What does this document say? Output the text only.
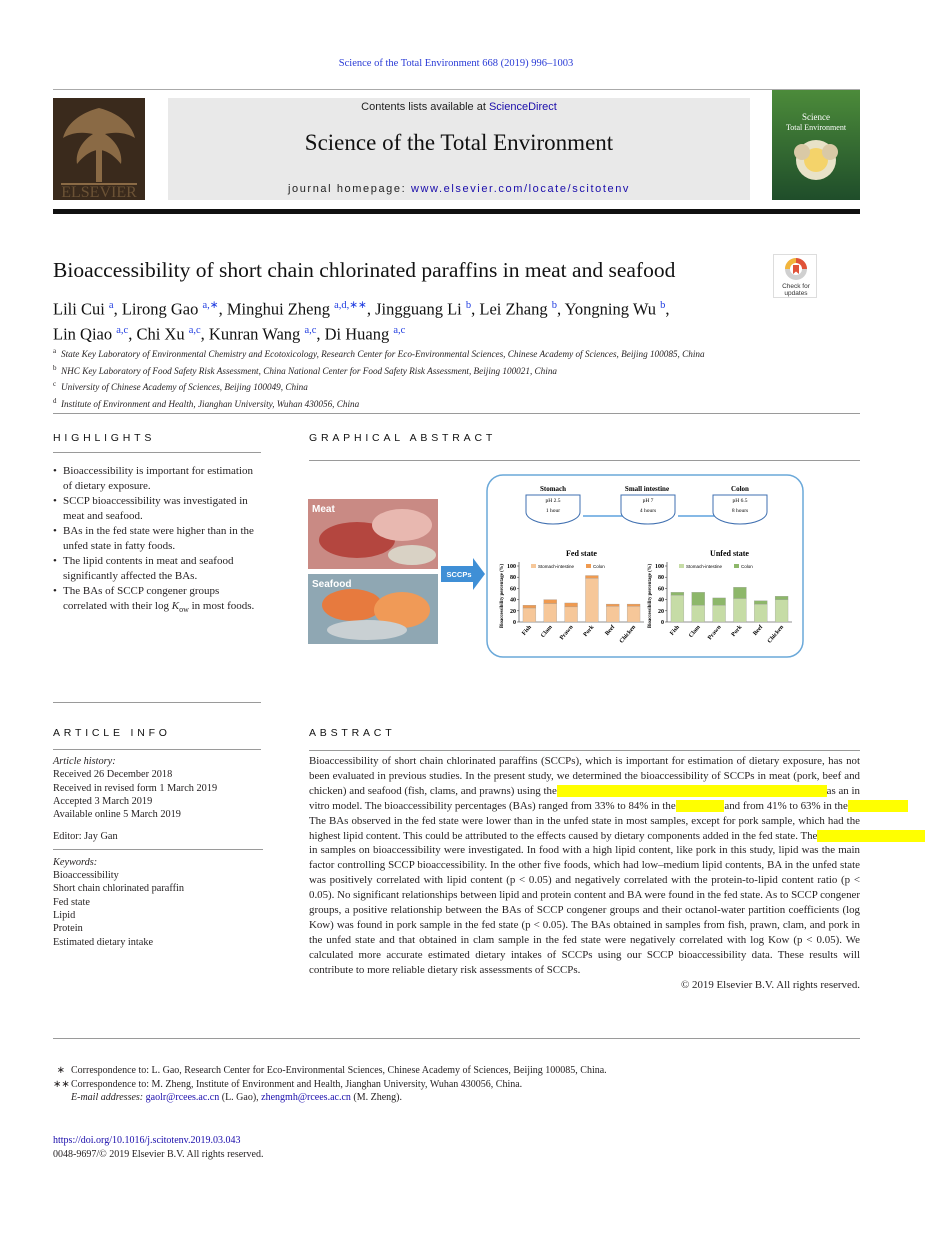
Science of the Total Environment 668 (2019) 996–1003
ELSEVIER
Contents lists available at ScienceDirect
Science of the Total Environment
journal homepage: www.elsevier.com/locate/scitotenv
Science
Total Environment
Bioaccessibility of short chain chlorinated paraffins in meat and seafood
Check for
updates
Lili Cui $^a$, Lirong Gao $^{a,∗}$, Minghui Zheng $^{a,d,∗∗}$, Jingguang Li $^b$, Lei Zhang $^b$, Yongning Wu $^b$,
Lin Qiao $^{a,c}$, Chi Xu $^{a,c}$, Kunran Wang $^{a,c}$, Di Huang $^{a,c}$
$^a$ State Key Laboratory of Environmental Chemistry and Ecotoxicology, Research Center for Eco-Environmental Sciences, Chinese Academy of Sciences, Beijing 100085, China
$^b$ NHC Key Laboratory of Food Safety Risk Assessment, China National Center for Food Safety Risk Assessment, Beijing 100021, China
$^c$ University of Chinese Academy of Sciences, Beijing 100049, China
$^d$ Institute of Environment and Health, Jianghan University, Wuhan 430056, China
HIGHLIGHTS
• Bioaccessibility is important for estimation of dietary exposure.
• SCCP bioaccessibility was investigated in meat and seafood.
• BAs in the fed state were higher than in the unfed state in fatty foods.
• The lipid contents in meat and seafood significantly affected the BAs.
• The BAs of SCCP congener groups correlated with their $\log K_{ow}$ in most foods.
GRAPHICAL ABSTRACT
Meat
Seafood
SCCPs
Stomach
pH 2.5
1 hour
Small intestine
pH 7
4 hours
Colon
pH 6.5
8 hours
Fed state
Stomach-intestine	Colon
Bioaccessibility percentage (%) 0
20
40
60
80
100
Fish Clam Prawn Pork Beef Chicken
Unfed state
Stomach-intestine	Colon
Bioaccessibility percentage (%) 0
20
40
60
80
100
Fish Clam Prawn Pork Beef Chicken
ARTICLE INFO
Article history:
Received 26 December 2018
Received in revised form 1 March 2019
Accepted 3 March 2019
Available online 5 March 2019
Editor: Jay Gan
Keywords:
Bioaccessibility
Short chain chlorinated paraffin
Fed state
Lipid
Protein
Estimated dietary intake
ABSTRACT
Bioaccessibility of short chain chlorinated paraffins (SCCPs), which is important for estimation of dietary exposure, has not been evaluated in previous studies. In the present study, we determined the bioaccessibility of SCCPs in meat (pork, beef and chicken) and seafood (fish, clams, and prawns) using the	as an in vitro model. The bioaccessibility percentages (BAs) ranged from 33% to 84% in the	and from 41% to 63% in the The BAs observed in the fed state were lower than in the unfed state in most samples, except for pork sample, which had the highest lipid content. This could be attributed to the effects caused by dietary components added in the fed state. The in samples on bioaccessibility were investigated. In food with a high lipid content, like pork in this study, lipid was the main factor controlling SCCP bioaccessibility. In the other five foods, which had low–medium lipid contents, BA in the unfed state was positively correlated with lipid content (p < 0.05) and negatively correlated with the protein-to-lipid content ratio (p < 0.05). No significant relationships between lipid and protein content and BA were found in the fed state. As to SCCP congener groups, a positive relationship between the BAs of SCCP congener groups and their octanol-water partition coefficients (log Kow) was found in pork sample in the fed state (p < 0.05). The BAs obtained in samples from fish, prawn, clam, and pork in the unfed state and that obtained in clam sample in the fed state were negatively correlated with log Kow (p < 0.05). We calculated more accurate estimated dietary intakes of SCCPs using our SCCP bioaccessibility data. These results will contribute to more reliable dietary risk assessments of SCCPs.
© 2019 Elsevier B.V. All rights reserved.
∗ Correspondence to: L. Gao, Research Center for Eco-Environmental Sciences, Chinese Academy of Sciences, Beijing 100085, China.
∗∗Correspondence to: M. Zheng, Institute of Environment and Health, Jianghan University, Wuhan 430056, China.
E-mail addresses: gaolr@rcees.ac.cn (L. Gao), zhengmh@rcees.ac.cn (M. Zheng).
https://doi.org/10.1016/j.scitotenv.2019.03.043
0048-9697/© 2019 Elsevier B.V. All rights reserved.
